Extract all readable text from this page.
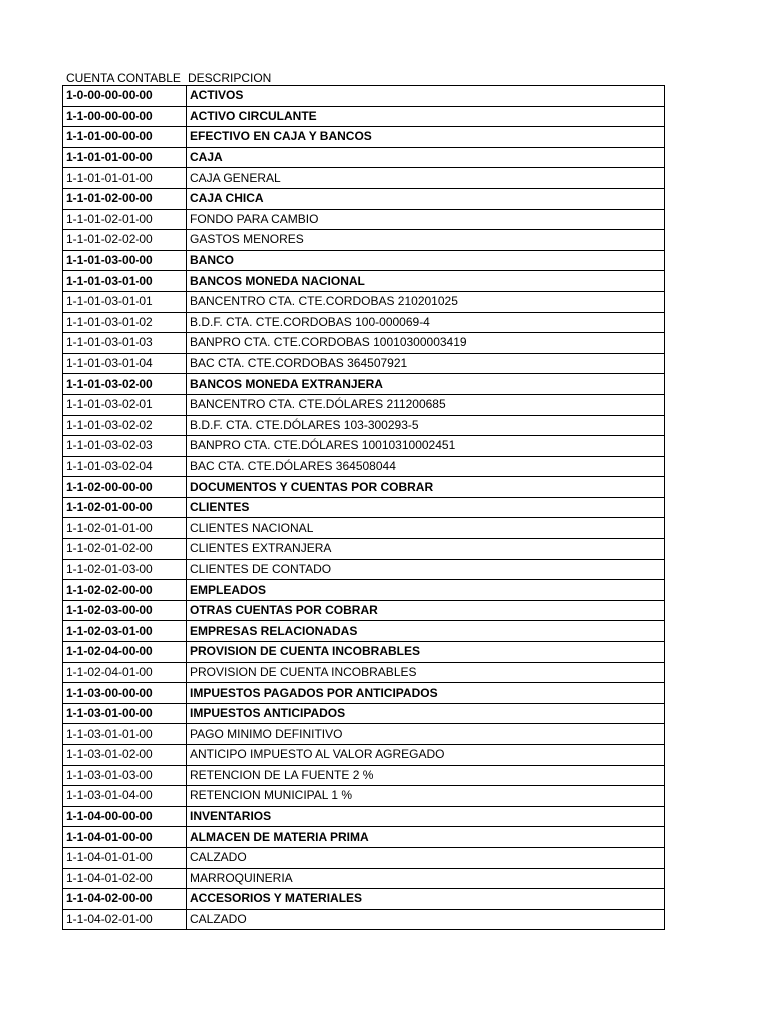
CUENTA CONTABLE DESCRIPCION
1-0-00-00-00-00	ACTIVOS
1-1-00-00-00-00	ACTIVO CIRCULANTE
1-1-01-00-00-00	EFECTIVO EN CAJA Y BANCOS
1-1-01-01-00-00	CAJA
1-1-01-01-01-00	CAJA GENERAL
1-1-01-02-00-00	CAJA CHICA
1-1-01-02-01-00	FONDO PARA CAMBIO
1-1-01-02-02-00	GASTOS MENORES
1-1-01-03-00-00	BANCO
1-1-01-03-01-00	BANCOS MONEDA NACIONAL
1-1-01-03-01-01	BANCENTRO CTA. CTE.CORDOBAS 210201025
1-1-01-03-01-02	B.D.F. CTA. CTE.CORDOBAS 100-000069-4
1-1-01-03-01-03	BANPRO CTA. CTE.CORDOBAS 10010300003419
1-1-01-03-01-04	BAC CTA. CTE.CORDOBAS 364507921
1-1-01-03-02-00	BANCOS MONEDA EXTRANJERA
1-1-01-03-02-01	BANCENTRO CTA. CTE.DÓLARES 211200685
1-1-01-03-02-02	B.D.F. CTA. CTE.DÓLARES 103-300293-5
1-1-01-03-02-03	BANPRO CTA. CTE.DÓLARES 10010310002451
1-1-01-03-02-04	BAC CTA. CTE.DÓLARES 364508044
1-1-02-00-00-00	DOCUMENTOS Y CUENTAS POR COBRAR
1-1-02-01-00-00	CLIENTES
1-1-02-01-01-00	CLIENTES NACIONAL
1-1-02-01-02-00	CLIENTES EXTRANJERA
1-1-02-01-03-00	CLIENTES DE CONTADO
1-1-02-02-00-00	EMPLEADOS
1-1-02-03-00-00	OTRAS CUENTAS POR COBRAR
1-1-02-03-01-00	EMPRESAS RELACIONADAS
1-1-02-04-00-00	PROVISION DE CUENTA INCOBRABLES
1-1-02-04-01-00	PROVISION DE CUENTA INCOBRABLES
1-1-03-00-00-00	IMPUESTOS PAGADOS POR ANTICIPADOS
1-1-03-01-00-00	IMPUESTOS ANTICIPADOS
1-1-03-01-01-00	PAGO MINIMO DEFINITIVO
1-1-03-01-02-00	ANTICIPO IMPUESTO AL VALOR AGREGADO
1-1-03-01-03-00	RETENCION DE LA FUENTE 2 %
1-1-03-01-04-00	RETENCION MUNICIPAL 1 %
1-1-04-00-00-00	INVENTARIOS
1-1-04-01-00-00	ALMACEN DE MATERIA PRIMA
1-1-04-01-01-00	CALZADO
1-1-04-01-02-00	MARROQUINERIA
1-1-04-02-00-00	ACCESORIOS Y MATERIALES
1-1-04-02-01-00	CALZADO
